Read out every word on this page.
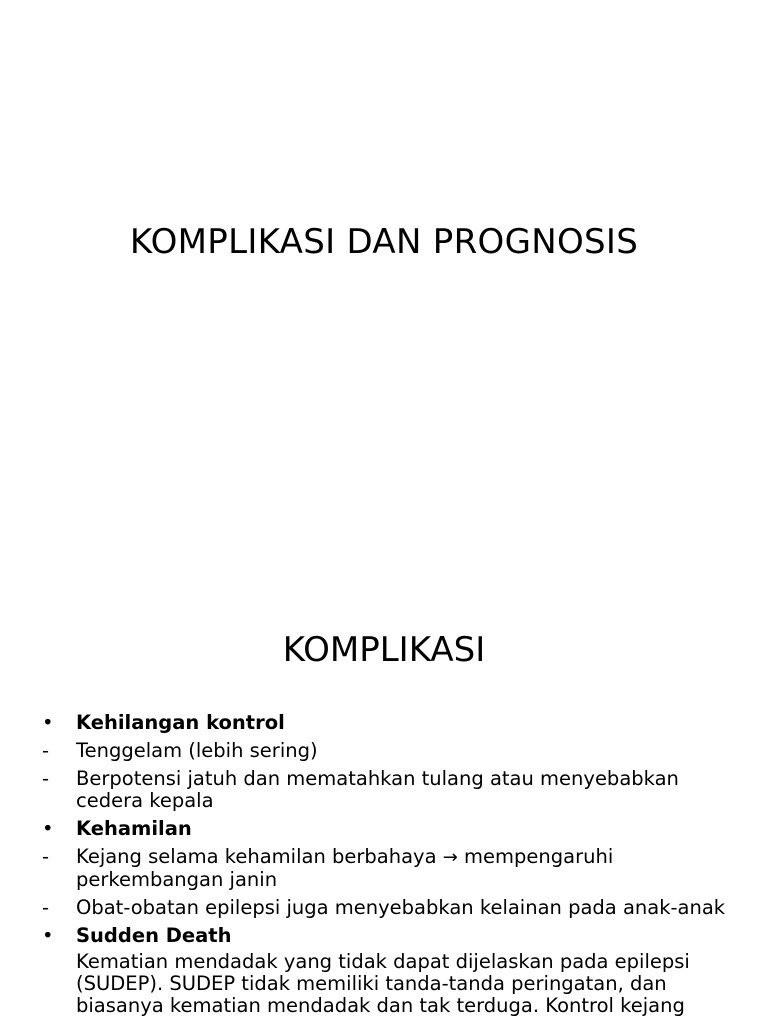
KOMPLIKASI DAN PROGNOSIS
KOMPLIKASI
•	Kehilangan kontrol
-	Tenggelam (lebih sering)
-	Berpotensi jatuh dan mematahkan tulang atau menyebabkan cedera kepala
•	Kehamilan
-	Kejang selama kehamilan berbahaya → mempengaruhi perkembangan janin
-	Obat-obatan epilepsi juga menyebabkan kelainan pada anak-anak
•	Sudden Death
Kematian mendadak yang tidak dapat dijelaskan pada epilepsi (SUDEP). SUDEP tidak memiliki tanda-tanda peringatan, dan biasanya kematian mendadak dan tak terduga. Kontrol kejang
